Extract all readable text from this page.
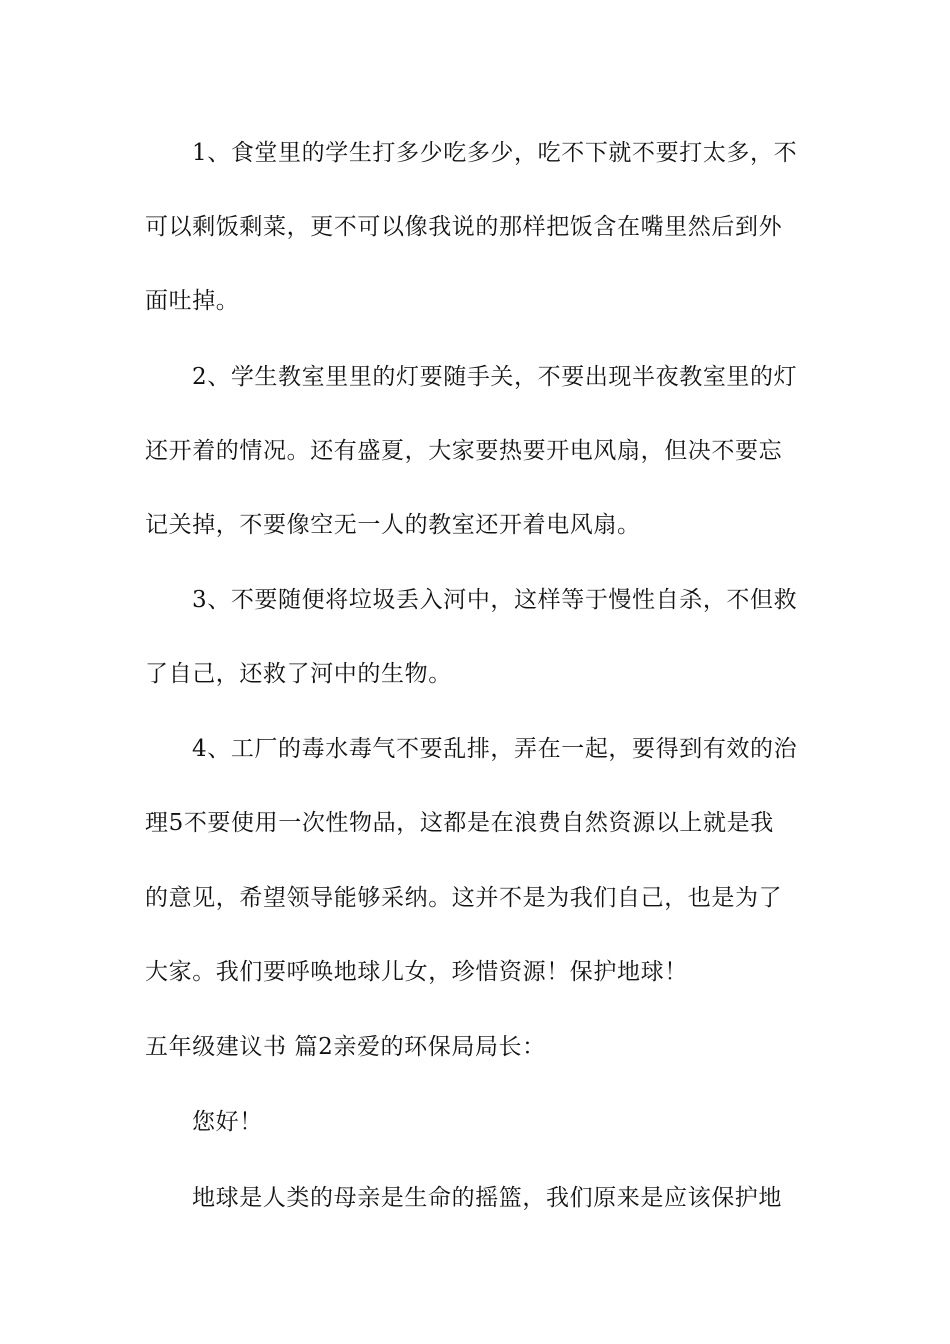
1、食堂里的学生打多少吃多少，吃不下就不要打太多，不
可以剩饭剩菜，更不可以像我说的那样把饭含在嘴里然后到外
面吐掉。
2、学生教室里里的灯要随手关，不要出现半夜教室里的灯
还开着的情况。还有盛夏，大家要热要开电风扇，但决不要忘
记关掉，不要像空无一人的教室还开着电风扇。
3、不要随便将垃圾丢入河中，这样等于慢性自杀，不但救
了自己，还救了河中的生物。
4、工厂的毒水毒气不要乱排，弄在一起，要得到有效的治
理5不要使用一次性物品，这都是在浪费自然资源以上就是我
的意见，希望领导能够采纳。这并不是为我们自己，也是为了
大家。我们要呼唤地球儿女，珍惜资源！保护地球！
五年级建议书 篇2亲爱的环保局局长：
您好！
地球是人类的母亲是生命的摇篮，我们原来是应该保护地
